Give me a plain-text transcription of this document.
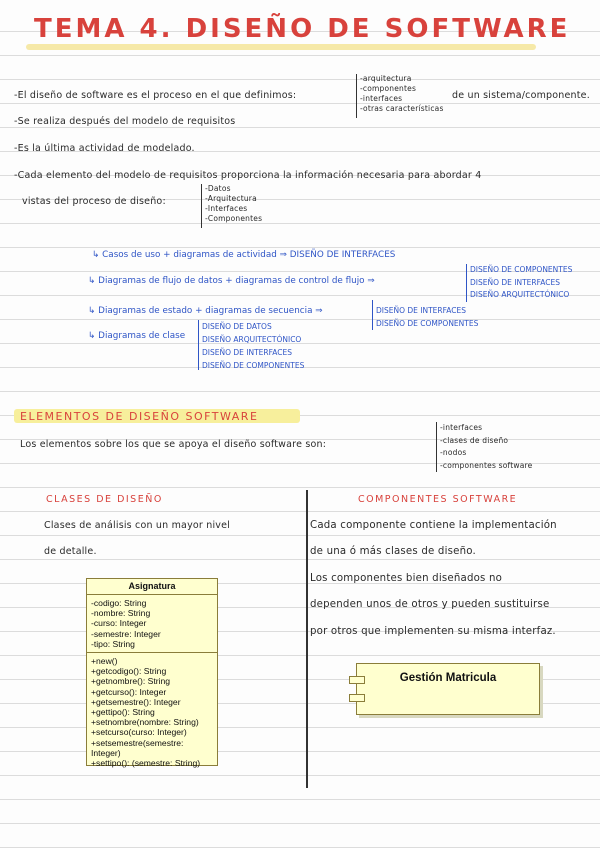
TEMA 4. DISEÑO DE SOFTWARE
-El diseño de software es el proceso en el que definimos:
-arquitectura
-componentes
-interfaces
-otras características
de un sistema/componente.
-Se realiza después del modelo de requisitos
-Es la última actividad de modelado.
-Cada elemento del modelo de requisitos proporciona la información necesaria para abordar 4
vistas del proceso de diseño:
-Datos
-Arquitectura
-Interfaces
-Componentes
↳ Casos de uso + diagramas de actividad ⇒ DISEÑO DE INTERFACES
↳ Diagramas de flujo de datos + diagramas de control de flujo ⇒
DISEÑO DE COMPONENTES
DISEÑO DE INTERFACES
DISEÑO ARQUITECTÓNICO
↳ Diagramas de estado + diagramas de secuencia ⇒	DISEÑO DE INTERFACES
DISEÑO DE COMPONENTES
↳ Diagramas de clase
DISEÑO DE DATOS
DISEÑO ARQUITECTÓNICO
DISEÑO DE INTERFACES
DISEÑO DE COMPONENTES
ELEMENTOS DE DISEÑO SOFTWARE
Los elementos sobre los que se apoya el diseño software son:
-interfaces
-clases de diseño
-nodos
-componentes software
CLASES DE DISEÑO
Clases de análisis con un mayor nivel
de detalle.
Asignatura
-codigo: String
-nombre: String
-curso: Integer
-semestre: Integer
-tipo: String
+new()
+getcodigo(): String
+getnombre(): String
+getcurso(): Integer
+getsemestre(): Integer
+gettipo(): String
+setnombre(nombre: String)
+setcurso(curso: Integer)
+setsemestre(semestre: Integer)
+settipo(): (semestre: String)
COMPONENTES SOFTWARE
Cada componente contiene la implementación
de una ó más clases de diseño.
Los componentes bien diseñados no
dependen unos de otros y pueden sustituirse
por otros que implementen su misma interfaz.
Gestión Matricula
